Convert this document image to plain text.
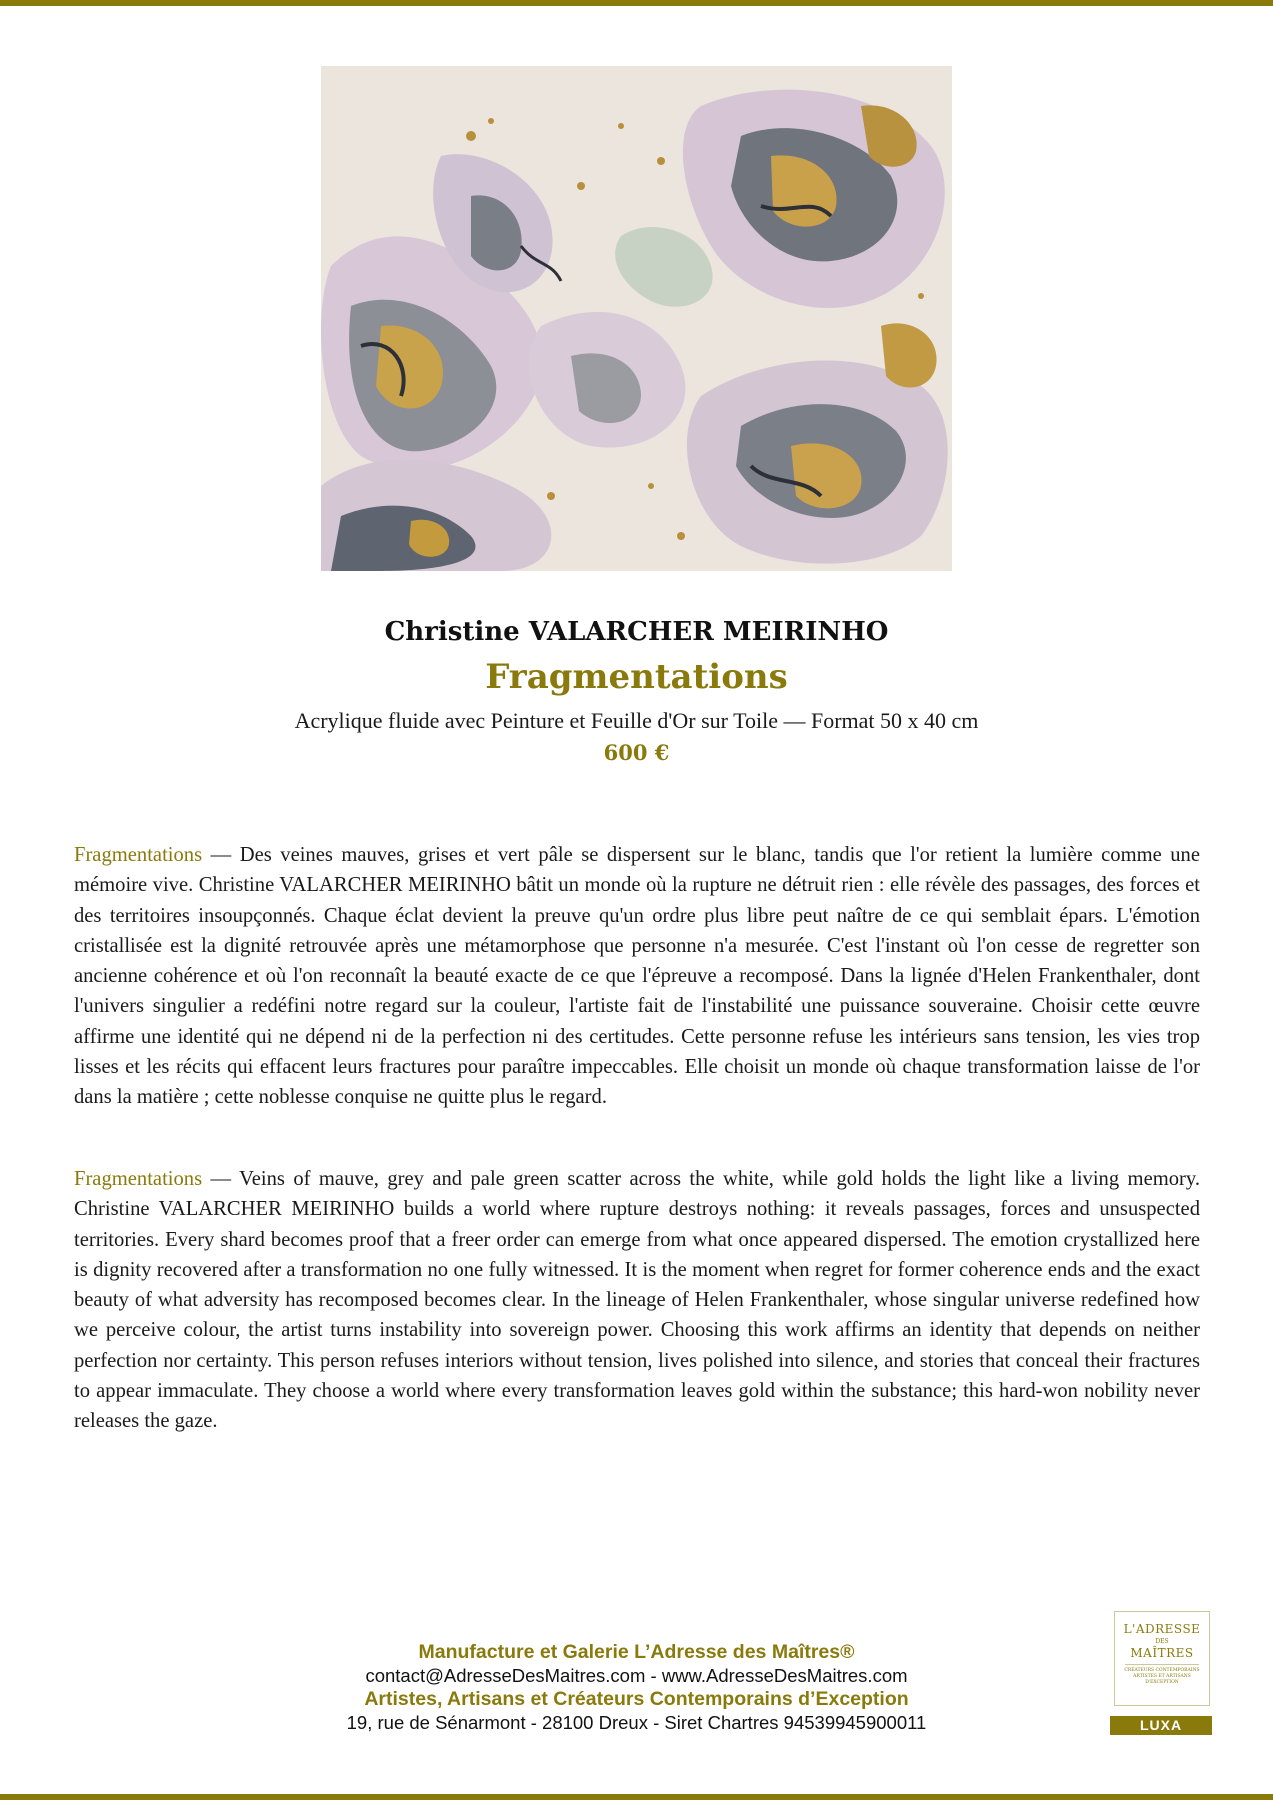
Christine VALARCHER MEIRINHO
Fragmentations
Acrylique fluide avec Peinture et Feuille d'Or sur Toile — Format 50 x 40 cm
600 €

Fragmentations — Des veines mauves, grises et vert pâle se dispersent sur le blanc, tandis que l'or retient la lumière comme une mémoire vive. Christine VALARCHER MEIRINHO bâtit un monde où la rupture ne détruit rien : elle révèle des passages, des forces et des territoires insoupçonnés. Chaque éclat devient la preuve qu'un ordre plus libre peut naître de ce qui semblait épars. L'émotion cristallisée est la dignité retrouvée après une métamorphose que personne n'a mesurée. C'est l'instant où l'on cesse de regretter son ancienne cohérence et où l'on reconnaît la beauté exacte de ce que l'épreuve a recomposé. Dans la lignée d'Helen Frankenthaler, dont l'univers singulier a redéfini notre regard sur la couleur, l'artiste fait de l'instabilité une puissance souveraine. Choisir cette œuvre affirme une identité qui ne dépend ni de la perfection ni des certitudes. Cette personne refuse les intérieurs sans tension, les vies trop lisses et les récits qui effacent leurs fractures pour paraître impeccables. Elle choisit un monde où chaque transformation laisse de l'or dans la matière ; cette noblesse conquise ne quitte plus le regard.

Fragmentations — Veins of mauve, grey and pale green scatter across the white, while gold holds the light like a living memory. Christine VALARCHER MEIRINHO builds a world where rupture destroys nothing: it reveals passages, forces and unsuspected territories. Every shard becomes proof that a freer order can emerge from what once appeared dispersed. The emotion crystallized here is dignity recovered after a transformation no one fully witnessed. It is the moment when regret for former coherence ends and the exact beauty of what adversity has recomposed becomes clear. In the lineage of Helen Frankenthaler, whose singular universe redefined how we perceive colour, the artist turns instability into sovereign power. Choosing this work affirms an identity that depends on neither perfection nor certainty. This person refuses interiors without tension, lives polished into silence, and stories that conceal their fractures to appear immaculate. They choose a world where every transformation leaves gold within the substance; this hard-won nobility never releases the gaze.

Manufacture et Galerie L’Adresse des Maîtres®
contact@AdresseDesMaitres.com - www.AdresseDesMaitres.com
Artistes, Artisans et Créateurs Contemporains d’Exception
19, rue de Sénarmont - 28100 Dreux - Siret Chartres 94539945900011
L'ADRESSE
DES
MAÎTRES
CRÉATEURS CONTEMPORAINS ARTISTES ET ARTISANS D'EXCEPTION
LUXA
